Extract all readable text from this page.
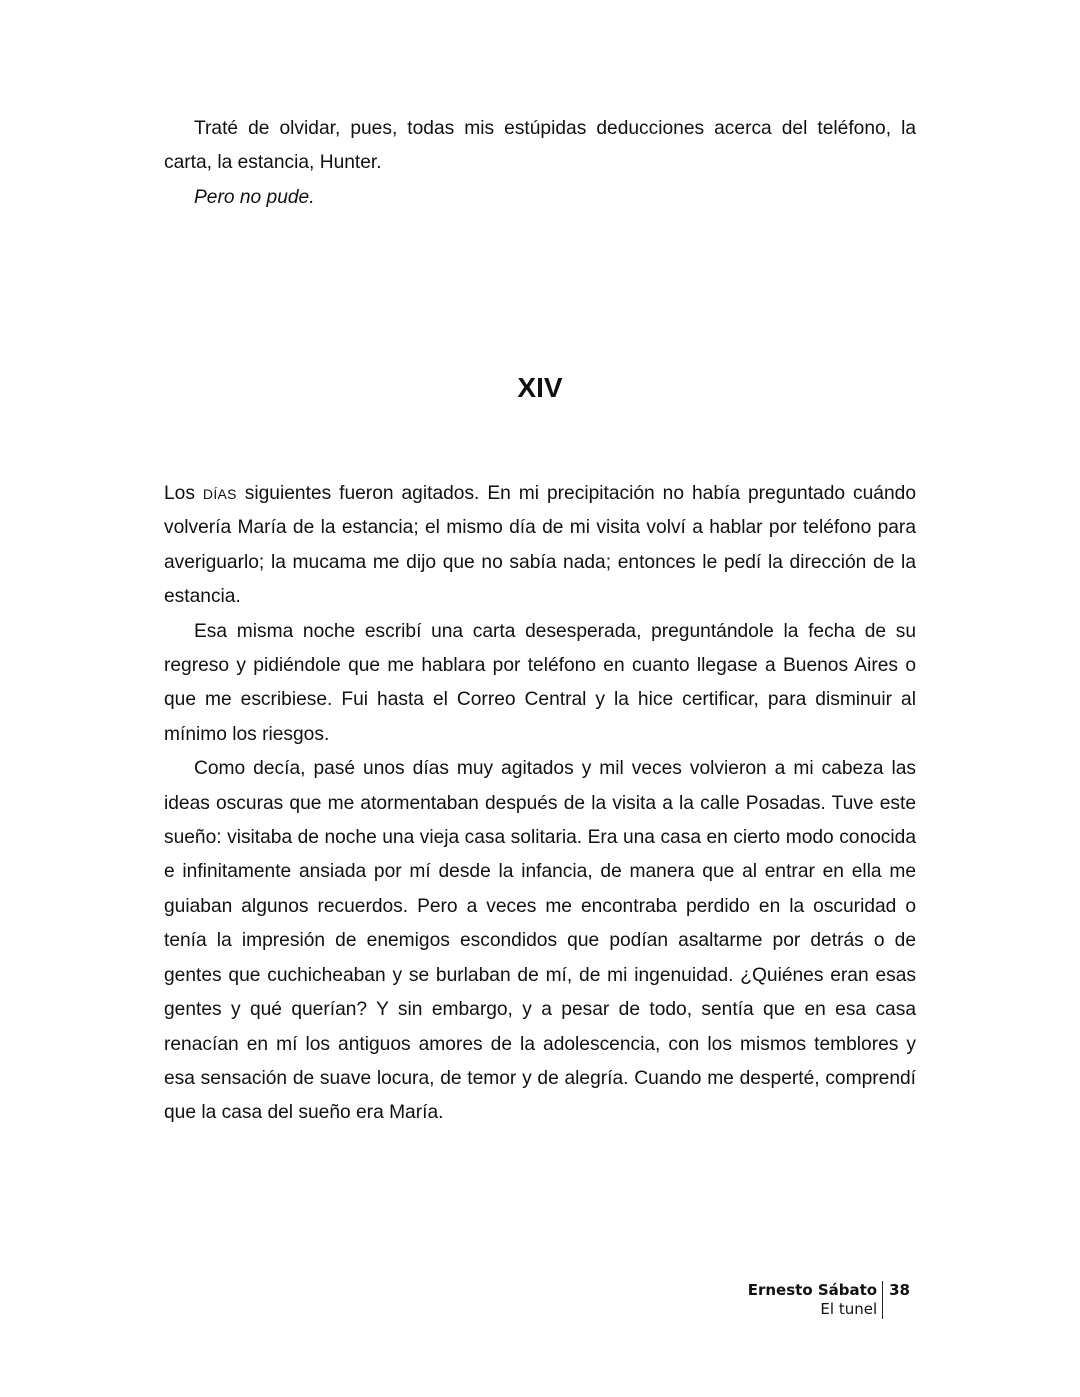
Traté de olvidar, pues, todas mis estúpidas deducciones acerca del teléfono, la carta, la estancia, Hunter.

Pero no pude.

XIV

Los DÍAS siguientes fueron agitados. En mi precipitación no había preguntado cuándo volvería María de la estancia; el mismo día de mi visita volví a hablar por teléfono para averiguarlo; la mucama me dijo que no sabía nada; entonces le pedí la dirección de la estancia.

Esa misma noche escribí una carta desesperada, preguntándole la fecha de su regreso y pidiéndole que me hablara por teléfono en cuanto llegase a Buenos Aires o que me escribiese. Fui hasta el Correo Central y la hice certificar, para disminuir al mínimo los riesgos.

Como decía, pasé unos días muy agitados y mil veces volvieron a mi cabeza las ideas oscuras que me atormentaban después de la visita a la calle Posadas. Tuve este sueño: visitaba de noche una vieja casa solitaria. Era una casa en cierto modo conocida e infinitamente ansiada por mí desde la infancia, de manera que al entrar en ella me guiaban algunos recuerdos. Pero a veces me encontraba perdido en la oscuridad o tenía la impresión de enemigos escondidos que podían asaltarme por detrás o de gentes que cuchicheaban y se burlaban de mí, de mi ingenuidad. ¿Quiénes eran esas gentes y qué querían? Y sin embargo, y a pesar de todo, sentía que en esa casa renacían en mí los antiguos amores de la adolescencia, con los mismos temblores y esa sensación de suave locura, de temor y de alegría. Cuando me desperté, comprendí que la casa del sueño era María.

Ernesto Sábato
El tunel
38
